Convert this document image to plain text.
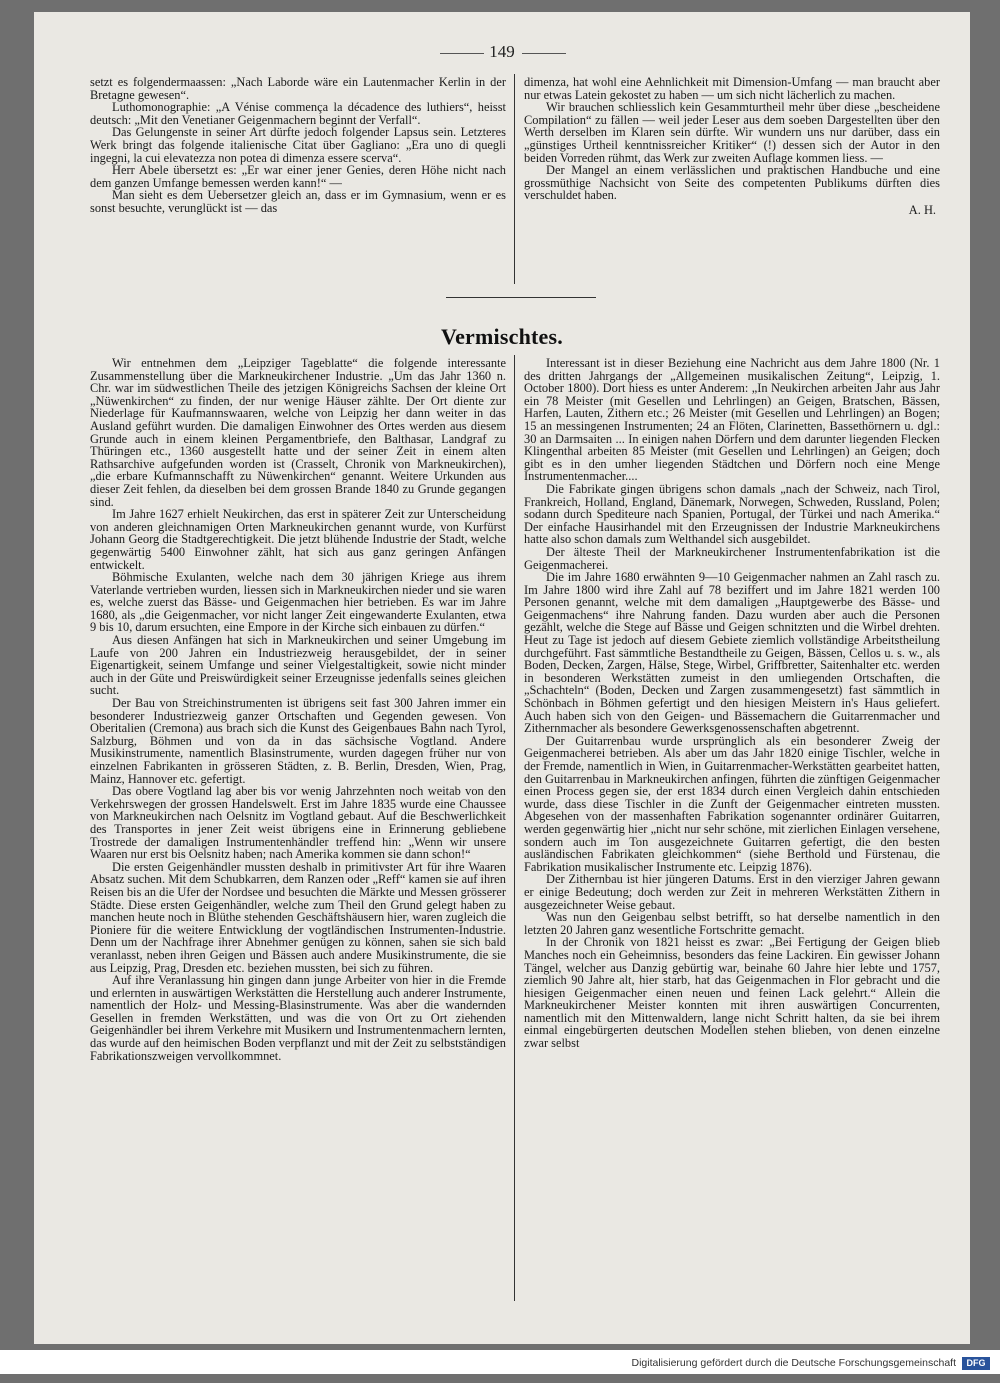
149

setzt es folgendermaassen: „Nach Laborde wäre ein Lautenmacher Kerlin in der Bretagne gewesen“.

Luthomonographie: „A Vénise commença la décadence des luthiers“, heisst deutsch: „Mit den Venetianer Geigenmachern beginnt der Verfall“.

Das Gelungenste in seiner Art dürfte jedoch folgender Lapsus sein. Letzteres Werk bringt das folgende italienische Citat über Gagliano: „Era uno di quegli ingegni, la cui elevatezza non potea di dimenza essere scerva“.

Herr Abele übersetzt es: „Er war einer jener Genies, deren Höhe nicht nach dem ganzen Umfange bemessen werden kann!“ —

Man sieht es dem Uebersetzer gleich an, dass er im Gymnasium, wenn er es sonst besuchte, verunglückt ist — das

dimenza, hat wohl eine Aehnlichkeit mit Dimension-Umfang — man braucht aber nur etwas Latein gekostet zu haben — um sich nicht lächerlich zu machen.

Wir brauchen schliesslich kein Gesammturtheil mehr über diese „bescheidene Compilation“ zu fällen — weil jeder Leser aus dem soeben Dargestellten über den Werth derselben im Klaren sein dürfte. Wir wundern uns nur darüber, dass ein „günstiges Urtheil kenntnissreicher Kritiker“ (!) dessen sich der Autor in den beiden Vorreden rühmt, das Werk zur zweiten Auflage kommen liess. —

Der Mangel an einem verlässlichen und praktischen Handbuche und eine grossmüthige Nachsicht von Seite des competenten Publikums dürften dies verschuldet haben.

A. H.
Vermischtes.

Wir entnehmen dem „Leipziger Tageblatte“ die folgende interessante Zusammenstellung über die Markneukirchener Industrie. „Um das Jahr 1360 n. Chr. war im südwestlichen Theile des jetzigen Königreichs Sachsen der kleine Ort „Nüwenkirchen“ zu finden, der nur wenige Häuser zählte. Der Ort diente zur Niederlage für Kaufmannswaaren, welche von Leipzig her dann weiter in das Ausland geführt wurden. Die damaligen Einwohner des Ortes werden aus diesem Grunde auch in einem kleinen Pergamentbriefe, den Balthasar, Landgraf zu Thüringen etc., 1360 ausgestellt hatte und der seiner Zeit in einem alten Rathsarchive aufgefunden worden ist (Crasselt, Chronik von Markneukirchen), „die erbare Kufmannschafft zu Nüwenkirchen“ genannt. Weitere Urkunden aus dieser Zeit fehlen, da dieselben bei dem grossen Brande 1840 zu Grunde gegangen sind.

Im Jahre 1627 erhielt Neukirchen, das erst in späterer Zeit zur Unterscheidung von anderen gleichnamigen Orten Markneukirchen genannt wurde, von Kurfürst Johann Georg die Stadtgerechtigkeit. Die jetzt blühende Industrie der Stadt, welche gegenwärtig 5400 Einwohner zählt, hat sich aus ganz geringen Anfängen entwickelt.

Böhmische Exulanten, welche nach dem 30 jährigen Kriege aus ihrem Vaterlande vertrieben wurden, liessen sich in Markneukirchen nieder und sie waren es, welche zuerst das Bässe- und Geigenmachen hier betrieben. Es war im Jahre 1680, als „die Geigenmacher, vor nicht langer Zeit eingewanderte Exulanten, etwa 9 bis 10, darum ersuchten, eine Empore in der Kirche sich einbauen zu dürfen.“

Aus diesen Anfängen hat sich in Markneukirchen und seiner Umgebung im Laufe von 200 Jahren ein Industriezweig herausgebildet, der in seiner Eigenartigkeit, seinem Umfange und seiner Vielgestaltigkeit, sowie nicht minder auch in der Güte und Preiswürdigkeit seiner Erzeugnisse jedenfalls seines gleichen sucht.

Der Bau von Streichinstrumenten ist übrigens seit fast 300 Jahren immer ein besonderer Industriezweig ganzer Ortschaften und Gegenden gewesen. Von Oberitalien (Cremona) aus brach sich die Kunst des Geigenbaues Bahn nach Tyrol, Salzburg, Böhmen und von da in das sächsische Vogtland. Andere Musikinstrumente, namentlich Blasinstrumente, wurden dagegen früher nur von einzelnen Fabrikanten in grösseren Städten, z. B. Berlin, Dresden, Wien, Prag, Mainz, Hannover etc. gefertigt.

Das obere Vogtland lag aber bis vor wenig Jahrzehnten noch weitab von den Verkehrswegen der grossen Handelswelt. Erst im Jahre 1835 wurde eine Chaussee von Markneukirchen nach Oelsnitz im Vogtland gebaut. Auf die Beschwerlichkeit des Transportes in jener Zeit weist übrigens eine in Erinnerung gebliebene Trostrede der damaligen Instrumentenhändler treffend hin: „Wenn wir unsere Waaren nur erst bis Oelsnitz haben; nach Amerika kommen sie dann schon!“

Die ersten Geigenhändler mussten deshalb in primitivster Art für ihre Waaren Absatz suchen. Mit dem Schubkarren, dem Ranzen oder „Reff“ kamen sie auf ihren Reisen bis an die Ufer der Nordsee und besuchten die Märkte und Messen grösserer Städte. Diese ersten Geigenhändler, welche zum Theil den Grund gelegt haben zu manchen heute noch in Blüthe stehenden Geschäftshäusern hier, waren zugleich die Pioniere für die weitere Entwicklung der vogtländischen Instrumenten-Industrie. Denn um der Nachfrage ihrer Abnehmer genügen zu können, sahen sie sich bald veranlasst, neben ihren Geigen und Bässen auch andere Musikinstrumente, die sie aus Leipzig, Prag, Dresden etc. beziehen mussten, bei sich zu führen.

Auf ihre Veranlassung hin gingen dann junge Arbeiter von hier in die Fremde und erlernten in auswärtigen Werkstätten die Herstellung auch anderer Instrumente, namentlich der Holz- und Messing-Blasinstrumente. Was aber die wandernden Gesellen in fremden Werkstätten, und was die von Ort zu Ort ziehenden Geigenhändler bei ihrem Verkehre mit Musikern und Instrumentenmachern lernten, das wurde auf den heimischen Boden verpflanzt und mit der Zeit zu selbstständigen Fabrikationszweigen vervollkommnet.

Interessant ist in dieser Beziehung eine Nachricht aus dem Jahre 1800 (Nr. 1 des dritten Jahrgangs der „Allgemeinen musikalischen Zeitung“, Leipzig, 1. October 1800). Dort hiess es unter Anderem: „In Neukirchen arbeiten Jahr aus Jahr ein 78 Meister (mit Gesellen und Lehrlingen) an Geigen, Bratschen, Bässen, Harfen, Lauten, Zithern etc.; 26 Meister (mit Gesellen und Lehrlingen) an Bogen; 15 an messingenen Instrumenten; 24 an Flöten, Clarinetten, Bassethörnern u. dgl.: 30 an Darmsaiten ... In einigen nahen Dörfern und dem darunter liegenden Flecken Klingenthal arbeiten 85 Meister (mit Gesellen und Lehrlingen) an Geigen; doch gibt es in den umher liegenden Städtchen und Dörfern noch eine Menge Instrumentenmacher....

Die Fabrikate gingen übrigens schon damals „nach der Schweiz, nach Tirol, Frankreich, Holland, England, Dänemark, Norwegen, Schweden, Russland, Polen; sodann durch Spediteure nach Spanien, Portugal, der Türkei und nach Amerika.“ Der einfache Hausirhandel mit den Erzeugnissen der Industrie Markneukirchens hatte also schon damals zum Welthandel sich ausgebildet.

Der älteste Theil der Markneukirchener Instrumentenfabrikation ist die Geigenmacherei.

Die im Jahre 1680 erwähnten 9—10 Geigenmacher nahmen an Zahl rasch zu. Im Jahre 1800 wird ihre Zahl auf 78 beziffert und im Jahre 1821 werden 100 Personen genannt, welche mit dem damaligen „Hauptgewerbe des Bässe- und Geigenmachens“ ihre Nahrung fanden. Dazu wurden aber auch die Personen gezählt, welche die Stege auf Bässe und Geigen schnitzten und die Wirbel drehten. Heut zu Tage ist jedoch auf diesem Gebiete ziemlich vollständige Arbeitstheilung durchgeführt. Fast sämmtliche Bestandtheile zu Geigen, Bässen, Cellos u. s. w., als Boden, Decken, Zargen, Hälse, Stege, Wirbel, Griffbretter, Saitenhalter etc. werden in besonderen Werkstätten zumeist in den umliegenden Ortschaften, die „Schachteln“ (Boden, Decken und Zargen zusammengesetzt) fast sämmtlich in Schönbach in Böhmen gefertigt und den hiesigen Meistern in's Haus geliefert. Auch haben sich von den Geigen- und Bässemachern die Guitarrenmacher und Zithernmacher als besondere Gewerksgenossenschaften abgetrennt.

Der Guitarrenbau wurde ursprünglich als ein besonderer Zweig der Geigenmacherei betrieben. Als aber um das Jahr 1820 einige Tischler, welche in der Fremde, namentlich in Wien, in Guitarrenmacher-Werkstätten gearbeitet hatten, den Guitarrenbau in Markneukirchen anfingen, führten die zünftigen Geigenmacher einen Process gegen sie, der erst 1834 durch einen Vergleich dahin entschieden wurde, dass diese Tischler in die Zunft der Geigenmacher eintreten mussten. Abgesehen von der massenhaften Fabrikation sogenannter ordinärer Guitarren, werden gegenwärtig hier „nicht nur sehr schöne, mit zierlichen Einlagen versehene, sondern auch im Ton ausgezeichnete Guitarren gefertigt, die den besten ausländischen Fabrikaten gleichkommen“ (siehe Berthold und Fürstenau, die Fabrikation musikalischer Instrumente etc. Leipzig 1876).

Der Zithernbau ist hier jüngeren Datums. Erst in den vierziger Jahren gewann er einige Bedeutung; doch werden zur Zeit in mehreren Werkstätten Zithern in ausgezeichneter Weise gebaut.

Was nun den Geigenbau selbst betrifft, so hat derselbe namentlich in den letzten 20 Jahren ganz wesentliche Fortschritte gemacht.

In der Chronik von 1821 heisst es zwar: „Bei Fertigung der Geigen blieb Manches noch ein Geheimniss, besonders das feine Lackiren. Ein gewisser Johann Tängel, welcher aus Danzig gebürtig war, beinahe 60 Jahre hier lebte und 1757, ziemlich 90 Jahre alt, hier starb, hat das Geigenmachen in Flor gebracht und die hiesigen Geigenmacher einen neuen und feinen Lack gelehrt.“ Allein die Markneukirchener Meister konnten mit ihren auswärtigen Concurrenten, namentlich mit den Mittenwaldern, lange nicht Schritt halten, da sie bei ihrem einmal eingebürgerten deutschen Modellen stehen blieben, von denen einzelne zwar selbst

Digitalisierung gefördert durch die Deutsche Forschungsgemeinschaft	DFG
